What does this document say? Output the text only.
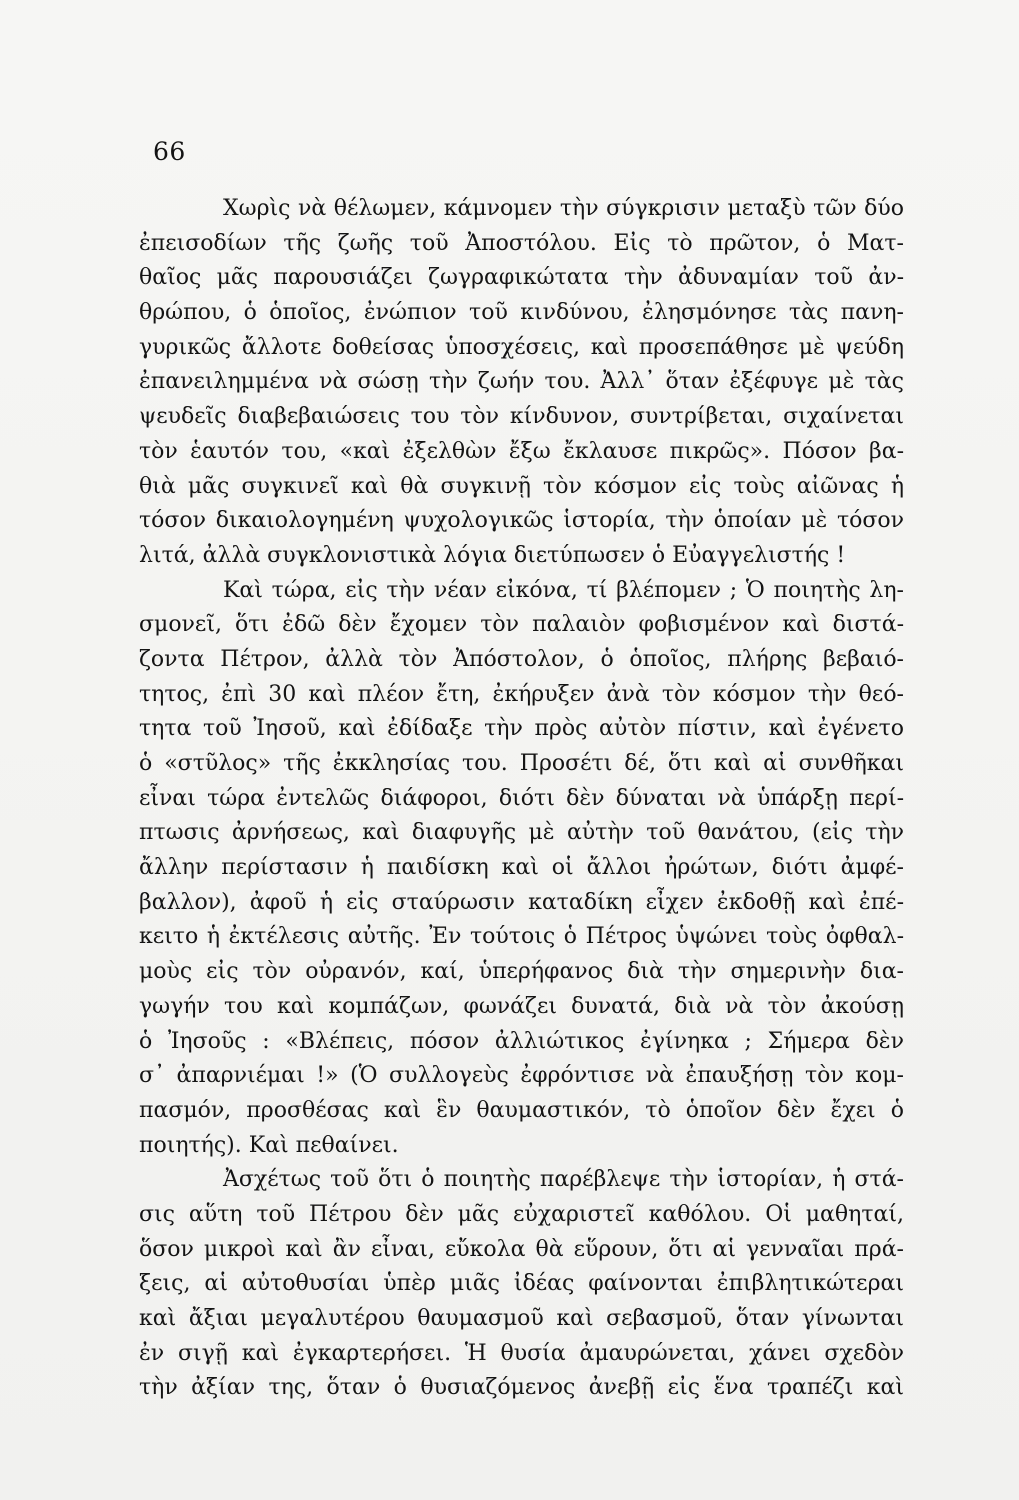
66
Χωρὶς νὰ θέλωμεν, κάμνομεν τὴν σύγκρισιν μεταξὺ τῶν δύο
ἐπεισοδίων τῆς ζωῆς τοῦ Ἀποστόλου. Εἰς τὸ πρῶτον, ὁ Ματ-
θαῖος μᾶς παρουσιάζει ζωγραφικώτατα τὴν ἀδυναμίαν τοῦ ἀν-
θρώπου, ὁ ὁποῖος, ἐνώπιον τοῦ κινδύνου, ἐλησμόνησε τὰς πανη-
γυρικῶς ἄλλοτε δοθείσας ὑποσχέσεις, καὶ προσεπάθησε μὲ ψεύδη
ἐπανειλημμένα νὰ σώσῃ τὴν ζωήν του. Ἀλλ᾽ ὅταν ἐξέφυγε μὲ τὰς
ψευδεῖς διαβεβαιώσεις του τὸν κίνδυνον, συντρίβεται, σιχαίνεται
τὸν ἑαυτόν του, «καὶ ἐξελθὼν ἔξω ἔκλαυσε πικρῶς». Πόσον βα-
θιὰ μᾶς συγκινεῖ καὶ θὰ συγκινῇ τὸν κόσμον εἰς τοὺς αἰῶνας ἡ
τόσον δικαιολογημένη ψυχολογικῶς ἱστορία, τὴν ὁποίαν μὲ τόσον
λιτά, ἀλλὰ συγκλονιστικὰ λόγια διετύπωσεν ὁ Εὐαγγελιστής !
Καὶ τώρα, εἰς τὴν νέαν εἰκόνα, τί βλέπομεν ; Ὁ ποιητὴς λη-
σμονεῖ, ὅτι ἐδῶ δὲν ἔχομεν τὸν παλαιὸν φοβισμένον καὶ διστά-
ζοντα Πέτρον, ἀλλὰ τὸν Ἀπόστολον, ὁ ὁποῖος, πλήρης βεβαιό-
τητος, ἐπὶ 30 καὶ πλέον ἔτη, ἐκήρυξεν ἀνὰ τὸν κόσμον τὴν θεό-
τητα τοῦ Ἰησοῦ, καὶ ἐδίδαξε τὴν πρὸς αὐτὸν πίστιν, καὶ ἐγένετο
ὁ «στῦλος» τῆς ἐκκλησίας του. Προσέτι δέ, ὅτι καὶ αἱ συνθῆκαι
εἶναι τώρα ἐντελῶς διάφοροι, διότι δὲν δύναται νὰ ὑπάρξῃ περί-
πτωσις ἀρνήσεως, καὶ διαφυγῆς μὲ αὐτὴν τοῦ θανάτου, (εἰς τὴν
ἄλλην περίστασιν ἡ παιδίσκη καὶ οἱ ἄλλοι ἠρώτων, διότι ἀμφέ-
βαλλον), ἀφοῦ ἡ εἰς σταύρωσιν καταδίκη εἶχεν ἐκδοθῇ καὶ ἐπέ-
κειτο ἡ ἐκτέλεσις αὐτῆς. Ἐν τούτοις ὁ Πέτρος ὑψώνει τοὺς ὀφθαλ-
μοὺς εἰς τὸν οὐρανόν, καί, ὑπερήφανος διὰ τὴν σημερινὴν δια-
γωγήν του καὶ κομπάζων, φωνάζει δυνατά, διὰ νὰ τὸν ἀκούσῃ
ὁ Ἰησοῦς : «Βλέπεις, πόσον ἀλλιώτικος ἐγίνηκα ; Σήμερα δὲν
σ᾽ ἀπαρνιέμαι !» (Ὁ συλλογεὺς ἐφρόντισε νὰ ἐπαυξήσῃ τὸν κομ-
πασμόν, προσθέσας καὶ ἓν θαυμαστικόν, τὸ ὁποῖον δὲν ἔχει ὁ
ποιητής). Καὶ πεθαίνει.
Ἀσχέτως τοῦ ὅτι ὁ ποιητὴς παρέβλεψε τὴν ἱστορίαν, ἡ στά-
σις αὕτη τοῦ Πέτρου δὲν μᾶς εὐχαριστεῖ καθόλου. Οἱ μαθηταί,
ὅσον μικροὶ καὶ ἂν εἶναι, εὔκολα θὰ εὕρουν, ὅτι αἱ γενναῖαι πρά-
ξεις, αἱ αὐτοθυσίαι ὑπὲρ μιᾶς ἰδέας φαίνονται ἐπιβλητικώτεραι
καὶ ἄξιαι μεγαλυτέρου θαυμασμοῦ καὶ σεβασμοῦ, ὅταν γίνωνται
ἐν σιγῇ καὶ ἐγκαρτερήσει. Ἡ θυσία ἀμαυρώνεται, χάνει σχεδὸν
τὴν ἀξίαν της, ὅταν ὁ θυσιαζόμενος ἀνεβῇ εἰς ἕνα τραπέζι καὶ
